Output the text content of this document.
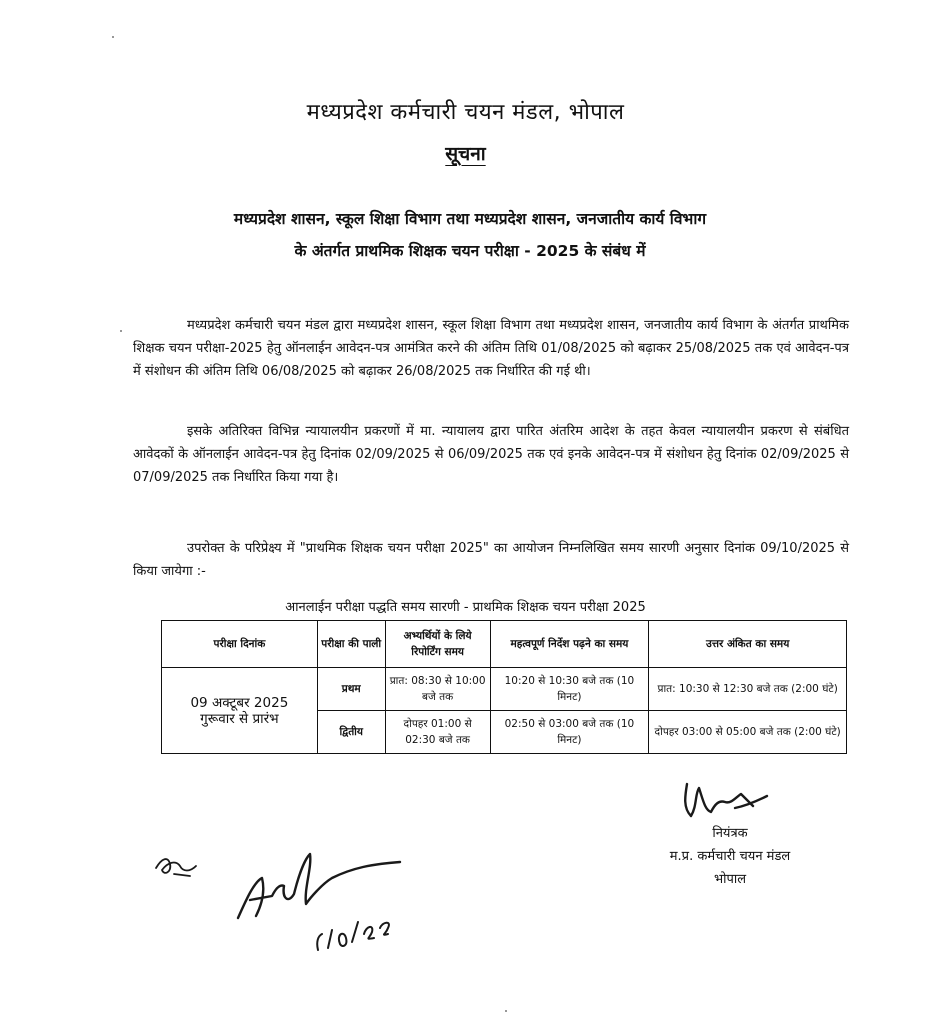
मध्यप्रदेश कर्मचारी चयन मंडल, भोपाल
सूचना
मध्यप्रदेश शासन, स्कूल शिक्षा विभाग तथा मध्यप्रदेश शासन, जनजातीय कार्य विभाग
के अंतर्गत प्राथमिक शिक्षक चयन परीक्षा - 2025 के संबंध में
मध्यप्रदेश कर्मचारी चयन मंडल द्वारा मध्यप्रदेश शासन, स्कूल शिक्षा विभाग तथा मध्यप्रदेश शासन, जनजातीय कार्य विभाग के अंतर्गत प्राथमिक शिक्षक चयन परीक्षा-2025 हेतु ऑनलाईन आवेदन-पत्र आमंत्रित करने की अंतिम तिथि 01/08/2025 को बढ़ाकर 25/08/2025 तक एवं आवेदन-पत्र में संशोधन की अंतिम तिथि 06/08/2025 को बढ़ाकर 26/08/2025 तक निर्धारित की गई थी।
इसके अतिरिक्त विभिन्न न्यायालयीन प्रकरणों में मा. न्यायालय द्वारा पारित अंतरिम आदेश के तहत केवल न्यायालयीन प्रकरण से संबंधित आवेदकों के ऑनलाईन आवेदन-पत्र हेतु दिनांक 02/09/2025 से 06/09/2025 तक एवं इनके आवेदन-पत्र में संशोधन हेतु दिनांक 02/09/2025 से 07/09/2025 तक निर्धारित किया गया है।
उपरोक्त के परिप्रेक्ष्य में "प्राथमिक शिक्षक चयन परीक्षा 2025" का आयोजन निम्नलिखित समय सारणी अनुसार दिनांक 09/10/2025 से किया जायेगा :-
आनलाईन परीक्षा पद्धति समय सारणी - प्राथमिक शिक्षक चयन परीक्षा 2025
परीक्षा दिनांक	परीक्षा की पाली	अभ्यर्थियों के लिये रिपोर्टिंग समय	महत्वपूर्ण निर्देश पढ़ने का समय	उत्तर अंकित का समय

09 अक्टूबर 2025
गुरूवार से प्रारंभ	प्रथम	प्रात: 08:30 से 10:00 बजे तक	10:20 से 10:30 बजे तक (10 मिनट)	प्रात: 10:30 से 12:30 बजे तक (2:00 घंटे)
	द्वितीय	दोपहर 01:00 से 02:30 बजे तक	02:50 से 03:00 बजे तक (10 मिनट)	दोपहर 03:00 से 05:00 बजे तक (2:00 घंटे)
नियंत्रक
म.प्र. कर्मचारी चयन मंडल
भोपाल
